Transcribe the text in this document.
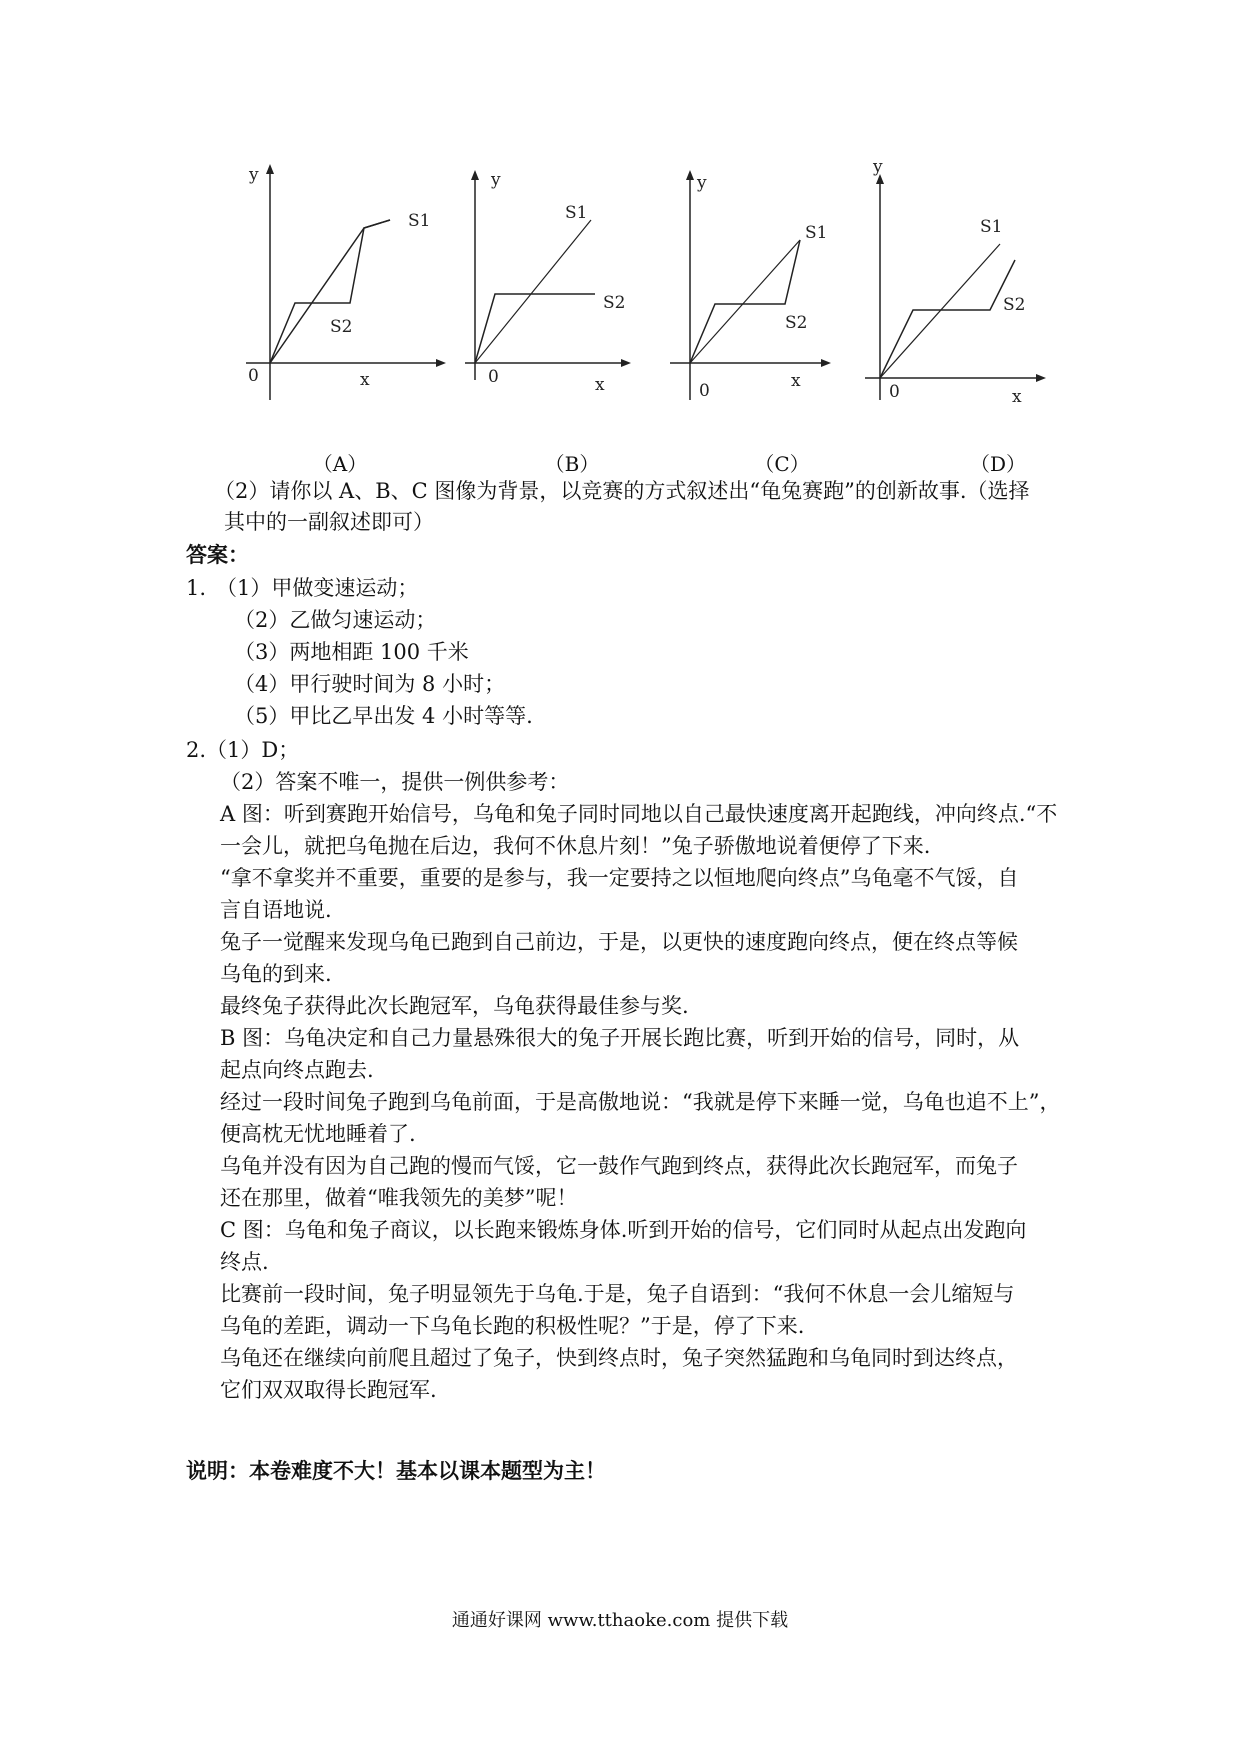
y
0	x
S1
S2
y
0	x
S1
S2
y
0	x
S1
S2
y
0	x
S1
S2
（A）	（B）	（C）	（D）
（2）请你以 A、B、C 图像为背景，以竞赛的方式叙述出“龟兔赛跑”的创新故事.（选择
其中的一副叙述即可）
答案：
1. （1）甲做变速运动；
（2）乙做匀速运动；
（3）两地相距 100 千米
（4）甲行驶时间为 8 小时；
（5）甲比乙早出发 4 小时等等.
2.（1）D；
（2）答案不唯一，提供一例供参考：
A 图：听到赛跑开始信号，乌龟和兔子同时同地以自己最快速度离开起跑线，冲向终点.“不
一会儿，就把乌龟抛在后边，我何不休息片刻！”兔子骄傲地说着便停了下来.
“拿不拿奖并不重要，重要的是参与，我一定要持之以恒地爬向终点”乌龟毫不气馁，自
言自语地说.
兔子一觉醒来发现乌龟已跑到自己前边，于是，以更快的速度跑向终点，便在终点等候
乌龟的到来.
最终兔子获得此次长跑冠军，乌龟获得最佳参与奖.
B 图：乌龟决定和自己力量悬殊很大的兔子开展长跑比赛，听到开始的信号，同时，从
起点向终点跑去.
经过一段时间兔子跑到乌龟前面，于是高傲地说：“我就是停下来睡一觉，乌龟也追不上”，
便高枕无忧地睡着了.
乌龟并没有因为自己跑的慢而气馁，它一鼓作气跑到终点，获得此次长跑冠军，而兔子
还在那里，做着“唯我领先的美梦”呢！
C 图：乌龟和兔子商议，以长跑来锻炼身体.听到开始的信号，它们同时从起点出发跑向
终点.
比赛前一段时间，兔子明显领先于乌龟.于是，兔子自语到：“我何不休息一会儿缩短与
乌龟的差距，调动一下乌龟长跑的积极性呢？”于是，停了下来.
乌龟还在继续向前爬且超过了兔子，快到终点时，兔子突然猛跑和乌龟同时到达终点，
它们双双取得长跑冠军.
说明：本卷难度不大！基本以课本题型为主！
通通好课网 www.tthaoke.com 提供下载
